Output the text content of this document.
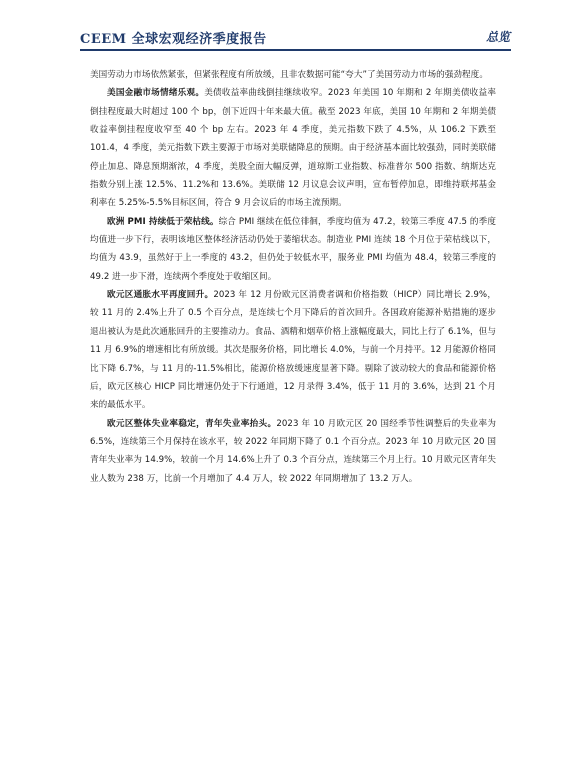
CEEM 全球宏观经济季度报告	总览

美国劳动力市场依然紧张，但紧张程度有所放缓，且非农数据可能“夸大”了美国劳动力市场的强劲程度。

美国金融市场情绪乐观。美债收益率曲线倒挂继续收窄。2023 年美国 10 年期和 2 年期美债收益率倒挂程度最大时超过 100 个 bp，创下近四十年来最大值。截至 2023 年底，美国 10 年期和 2 年期美债收益率倒挂程度收窄至 40 个 bp 左右。2023 年 4 季度，美元指数下跌了 4.5%，从 106.2 下跌至 101.4，4 季度，美元指数下跌主要源于市场对美联储降息的预期。由于经济基本面比较强劲，同时美联储停止加息、降息预期渐浓，4 季度，美股全面大幅反弹，道琼斯工业指数、标准普尔 500 指数、纳斯达克指数分别上涨 12.5%、11.2%和 13.6%。美联储 12 月议息会议声明，宣布暂停加息，即维持联邦基金利率在 5.25%-5.5%目标区间，符合 9 月会议后的市场主流预期。

欧洲 PMI 持续低于荣枯线。综合 PMI 继续在低位徘徊，季度均值为 47.2，较第三季度 47.5 的季度均值进一步下行，表明该地区整体经济活动仍处于萎缩状态。制造业 PMI 连续 18 个月位于荣枯线以下，均值为 43.9，虽然好于上一季度的 43.2，但仍处于较低水平，服务业 PMI 均值为 48.4，较第三季度的 49.2 进一步下滑，连续两个季度处于收缩区间。

欧元区通胀水平再度回升。2023 年 12 月份欧元区消费者调和价格指数（HICP）同比增长 2.9%，较 11 月的 2.4%上升了 0.5 个百分点，是连续七个月下降后的首次回升。各国政府能源补贴措施的逐步退出被认为是此次通胀回升的主要推动力。食品、酒精和烟草价格上涨幅度最大，同比上行了 6.1%，但与 11 月 6.9%的增速相比有所放缓。其次是服务价格，同比增长 4.0%，与前一个月持平。12 月能源价格同比下降 6.7%，与 11 月的-11.5%相比，能源价格放缓速度显著下降。剔除了波动较大的食品和能源价格后，欧元区核心 HICP 同比增速仍处于下行通道，12 月录得 3.4%，低于 11 月的 3.6%，达到 21 个月来的最低水平。

欧元区整体失业率稳定，青年失业率抬头。2023 年 10 月欧元区 20 国经季节性调整后的失业率为 6.5%，连续第三个月保持在该水平，较 2022 年同期下降了 0.1 个百分点。2023 年 10 月欧元区 20 国青年失业率为 14.9%，较前一个月 14.6%上升了 0.3 个百分点，连续第三个月上行。10 月欧元区青年失业人数为 238 万，比前一个月增加了 4.4 万人，较 2022 年同期增加了 13.2 万人。
